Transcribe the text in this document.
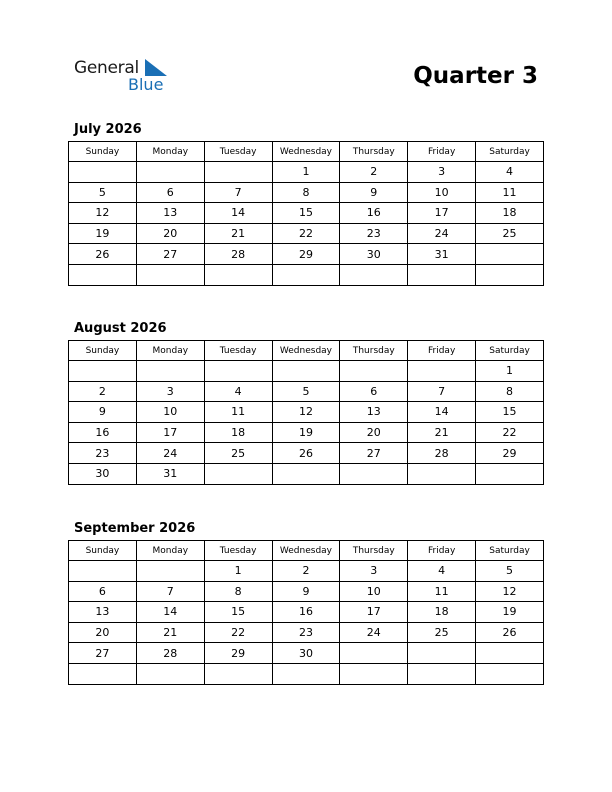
General
Blue	Quarter 3
July 2026
Sunday	Monday	Tuesday	Wednesday	Thursday	Friday	Saturday
			1	2	3	4
5	6	7	8	9	10	11
12	13	14	15	16	17	18
19	20	21	22	23	24	25
26	27	28	29	30	31	

August 2026
Sunday	Monday	Tuesday	Wednesday	Thursday	Friday	Saturday
						1
2	3	4	5	6	7	8
9	10	11	12	13	14	15
16	17	18	19	20	21	22
23	24	25	26	27	28	29
30	31					
September 2026
Sunday	Monday	Tuesday	Wednesday	Thursday	Friday	Saturday
		1	2	3	4	5
6	7	8	9	10	11	12
13	14	15	16	17	18	19
20	21	22	23	24	25	26
27	28	29	30			
